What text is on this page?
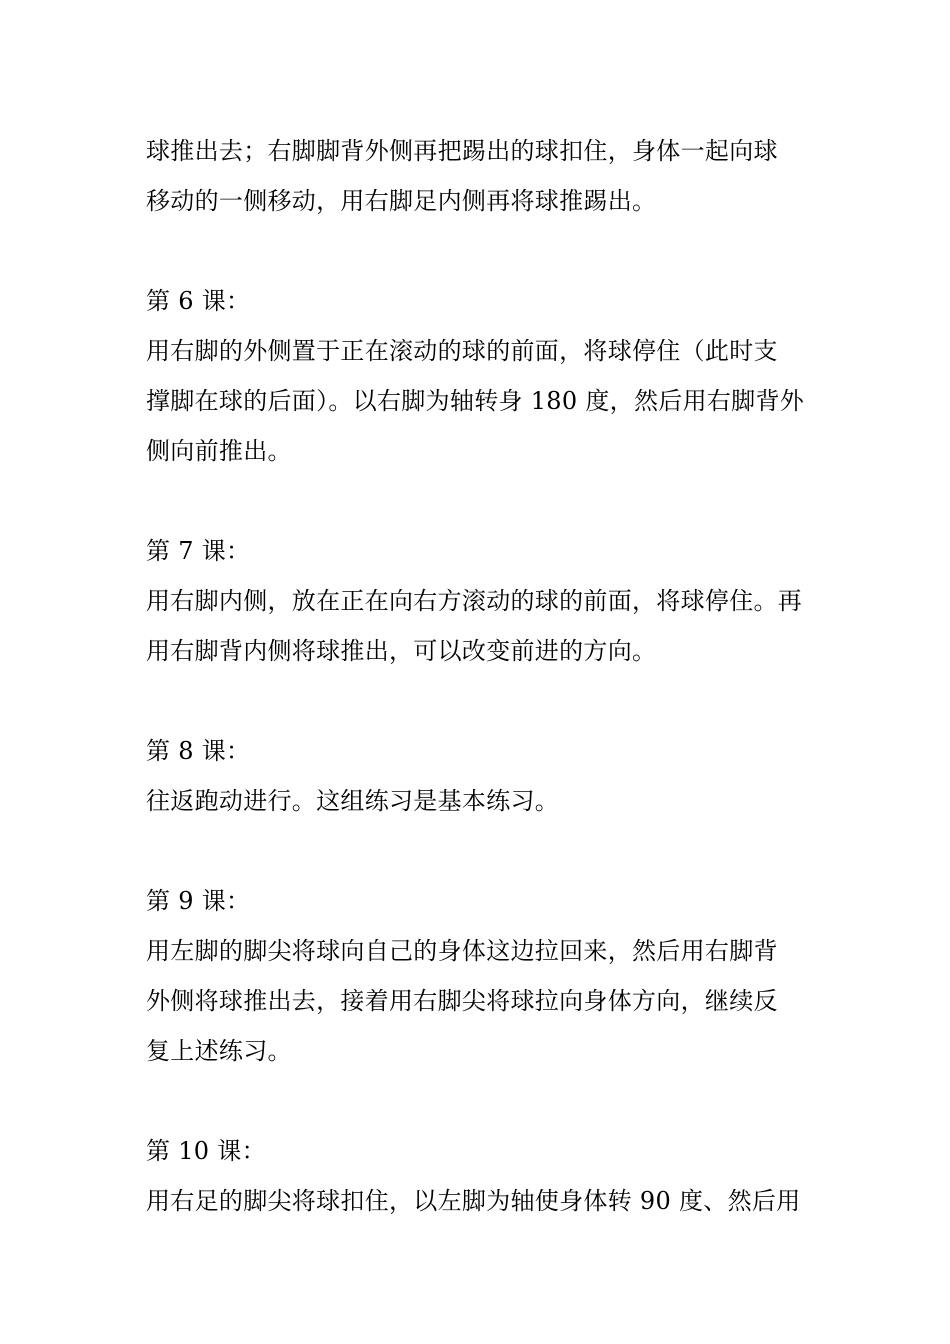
球推出去；右脚脚背外侧再把踢出的球扣住，身体一起向球
移动的一侧移动，用右脚足内侧再将球推踢出。
第 6 课：
用右脚的外侧置于正在滚动的球的前面，将球停住（此时支
撑脚在球的后面）。以右脚为轴转身 180 度，然后用右脚背外
侧向前推出。
第 7 课：
用右脚内侧，放在正在向右方滚动的球的前面，将球停住。再
用右脚背内侧将球推出，可以改变前进的方向。
第 8 课：
往返跑动进行。这组练习是基本练习。
第 9 课：
用左脚的脚尖将球向自己的身体这边拉回来，然后用右脚背
外侧将球推出去，接着用右脚尖将球拉向身体方向，继续反
复上述练习。
第 10 课：
用右足的脚尖将球扣住，以左脚为轴使身体转 90 度、然后用
